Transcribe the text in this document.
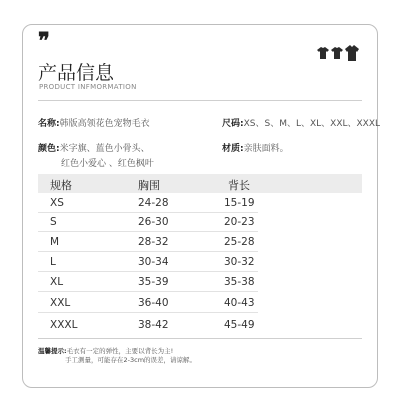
❞
产品信息
PRODUCT INFMORMATION
名称:韩版高领花色宠物毛衣	尺码:XS、S、M、L、XL、XXL、XXXL
颜色:米字旗、蓝色小骨头、
红色小爱心 、红色枫叶
材质:亲肤面料。
规格	胸围	背长
XS	24-28	15-19
S	26-30	20-23
M	28-32	25-28
L	30-34	30-32
XL	35-39	35-38
XXL	36-40	40-43
XXXL	38-42	45-49
温馨提示:毛衣有一定的弹性，主要以背长为主!
手工测量，可能存在2-3cm的误差，请谅解。
